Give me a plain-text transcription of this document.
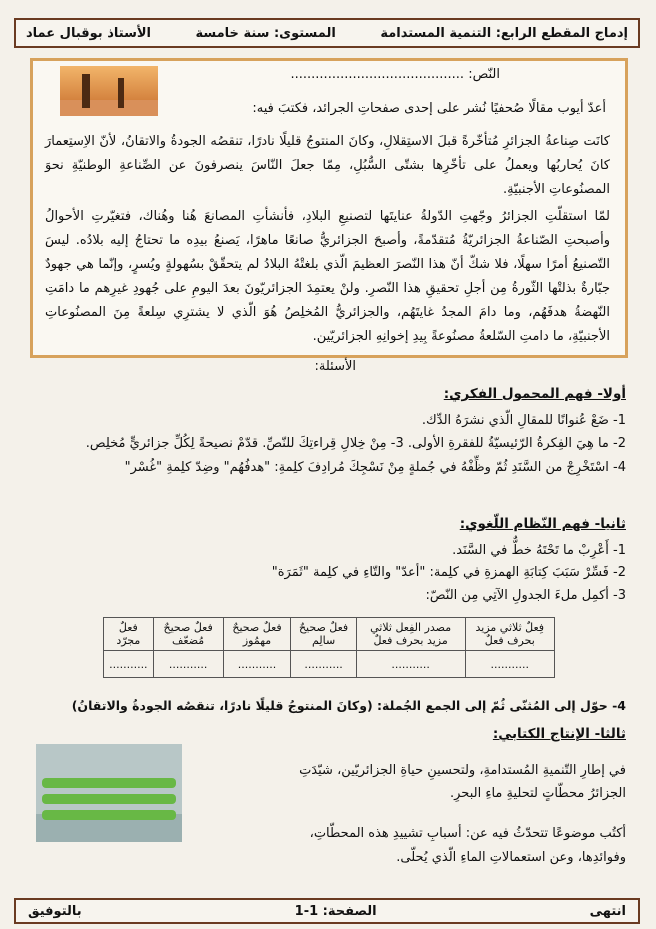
إدماج المقطع الرابع: التنمية المستدامة
المستوى: سنة خامسة
الأستاذ بوقبال عماد
النّص: ..........................................
أعدّ أيوب مقالًا صُحفيًا نُشر على إحدى صفحاتِ الجرائد، فكتبَ فيه:
كانَت صِناعةُ الجزائرِ مُتأخّرةً قبلَ الاستِقلالِ، وكانَ المنتوجُ قليلًا نادرًا، تنقصُه الجودةُ والاتقانُ، لأنّ الاِستِعمارَ كانَ يُحاربُها ويعملُ على تأخّرِها بشتّى السُّبُلِ، مِمّا جعلَ النّاسَ ينصرفونَ عن الصِّناعةِ الوطنيّةِ نحوَ المصنُوعاتِ الأجنبيّةِ.
لمّا استقلّتِ الجزائرُ وجّهتِ الدّولةُ عنايتَها لتصنيعِ البلادِ، فأنشأتِ المصانعَ هُنا وهُناك، فتغيّرتِ الأحوالُ وأصبحتِ الصّناعةُ الجزائريّةُ مُتقدّمةً، وأصبحَ الجزائريُّ صانعًا ماهرًا، يَصنعُ بيدِه ما تحتاجُ إليه بلادُه. ليسَ التّصنيعُ أمرًا سهلًا، فلا شكّ أنّ هذا النّصرَ العظيمَ الّذي بلغتْهُ البلادُ لم يتحقّقْ بسُهولةٍ ويُسرٍ، وإنّما هي جهودٌ جبّارةٌ بذلتْها الثّورةُ مِن أجلِ تحقيقِ هذا النّصرِ. ولنْ يعتمِدَ الجزائريّونَ بعدَ اليومِ على جُهودِ غيرِهم ما دامَتِ النّهضةُ هدفَهُم، وما دامَ المجدُ غايتَهُم، والجزائريُّ المُخلِصُ هُوَ الّذي لا يشترِي سِلعةً مِنَ المصنُوعاتِ الأجنبيّةِ، ما دامتِ السّلعةُ مصنُوعةً بِيدِ إخوانِهِ الجزائريّين.
الأسئلة:
أولا- فهم المحمول الفكري:
1- ضَعْ عُنوانًا للمقالِ الّذي نشرَهُ الدِّك.
2- ما هِيَ الفِكرةُ الرّئيسيّةُ للفقرةِ الأولى. 3- مِنْ خِلالِ قِراءتِكَ للنّصِّ. قدّمْ نصيحةً لِكُلِّ جزائريٍّ مُخلِص.
4- اسْتَخْرِجْ من السَّنَدِ ثُمّ وظِّفْهُ في جُملةٍ مِنْ نَسْجِكَ مُرادِفَ كلِمةِ: "هدفُهُم" وضِدّ كلِمةِ "غُسْر"
ثانيا- فهم النّظام اللّغوي:
1- أَعْرِبْ ما تَحْتَهُ خطٌّ في السَّنَد.
2- فَسِّرْ سَبَبَ كِتابَةِ الهمزةِ في كلِمة: "أعدّ" والتّاءِ في كلِمة "ثَمَرَة"
3- أكمِل ملءَ الجدولِ الآتِي مِن النّصّ:
فِعلٌ ثلاثي مزيد بحرف فعلٌ	مصدر الفِعل ثلاثي مزيد بحرف فعلٌ	فعلٌ صحيحٌ سالِم	فعلٌ صحيحٌ مهمُوز	فعلٌ صحيحٌ مُضعّف	فعلٌ مجرّد
...........	...........	...........	...........	...........	...........
4- حوّل إلى المُثنّى ثُمّ إلى الجمع الجُملة: (وكانَ المنتوجُ قليلًا نادرًا، تنقصُه الجودةُ والاتقانُ)
ثالثا- الإنتاج الكتابي:
في إطارِ التّنميةِ المُستدامةِ، ولتحسينِ حياةِ الجزائريّين، شيّدَتِ
الجزائرُ محطّاتٍ لتحليةِ ماءِ البحرِ.
أكتُب موضوعًا تتحدّثُ فيه عن: أسبابِ تشييدِ هذه المحطّاتِ،
وفوائدِها، وعن استعمالاتِ الماءِ الّذي يُحلّى.
انتهى
الصفحة: 1-1
بالتوفيق
